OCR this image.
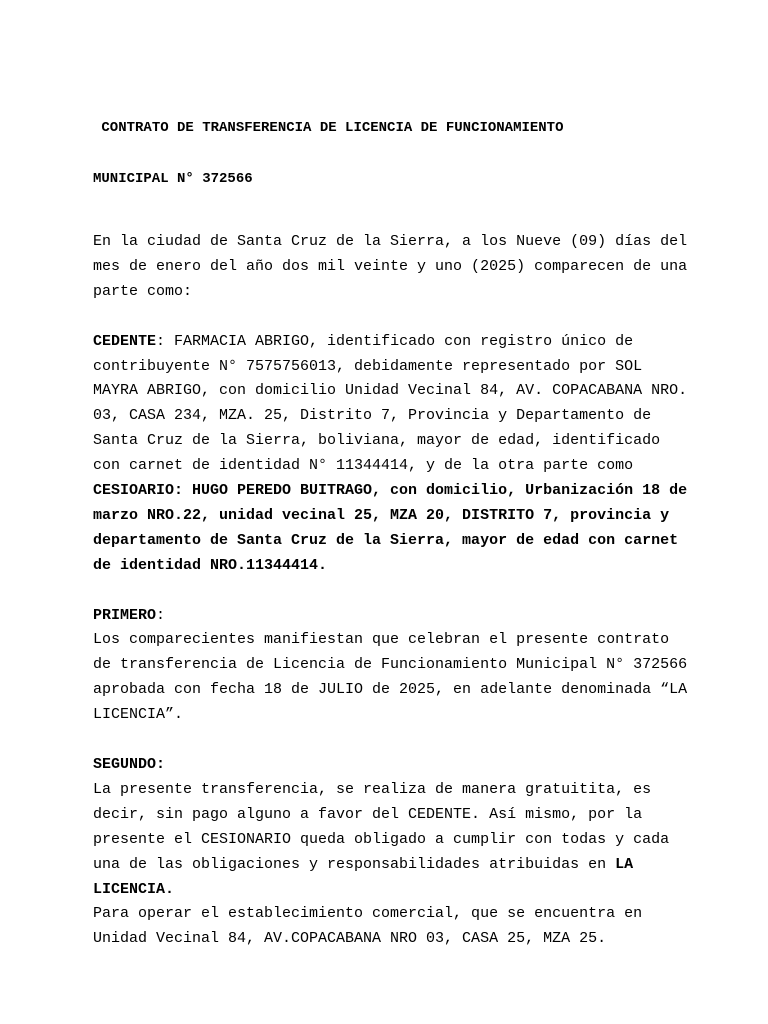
CONTRATO DE TRANSFERENCIA DE LICENCIA DE FUNCIONAMIENTO

MUNICIPAL N° 372566

En la ciudad de Santa Cruz de la Sierra, a los Nueve (09) días del mes de enero del año dos mil veinte y uno (2025) comparecen de una parte como:

CEDENTE: FARMACIA ABRIGO, identificado con registro único de contribuyente N° 7575756013, debidamente representado por SOL MAYRA ABRIGO, con domicilio Unidad Vecinal 84, AV. COPACABANA NRO. 03, CASA 234, MZA. 25, Distrito 7, Provincia y Departamento de Santa Cruz de la Sierra, boliviana, mayor de edad, identificado con carnet de identidad N° 11344414, y de la otra parte como CESIOARIO: HUGO PEREDO BUITRAGO, con domicilio, Urbanización 18 de marzo NRO.22, unidad vecinal 25, MZA 20, DISTRITO 7, provincia y departamento de Santa Cruz de la Sierra, mayor de edad con carnet de identidad NRO.11344414.

PRIMERO:

Los comparecientes manifiestan que celebran el presente contrato de transferencia de Licencia de Funcionamiento Municipal N° 372566 aprobada con fecha 18 de JULIO de 2025, en adelante denominada “LA LICENCIA”.

SEGUNDO:

La presente transferencia, se realiza de manera gratuitita, es decir, sin pago alguno a favor del CEDENTE. Así mismo, por la presente el CESIONARIO queda obligado a cumplir con todas y cada una de las obligaciones y responsabilidades atribuidas en LA LICENCIA.

Para operar el establecimiento comercial, que se encuentra en Unidad Vecinal 84, AV.COPACABANA NRO 03, CASA 25, MZA 25.
